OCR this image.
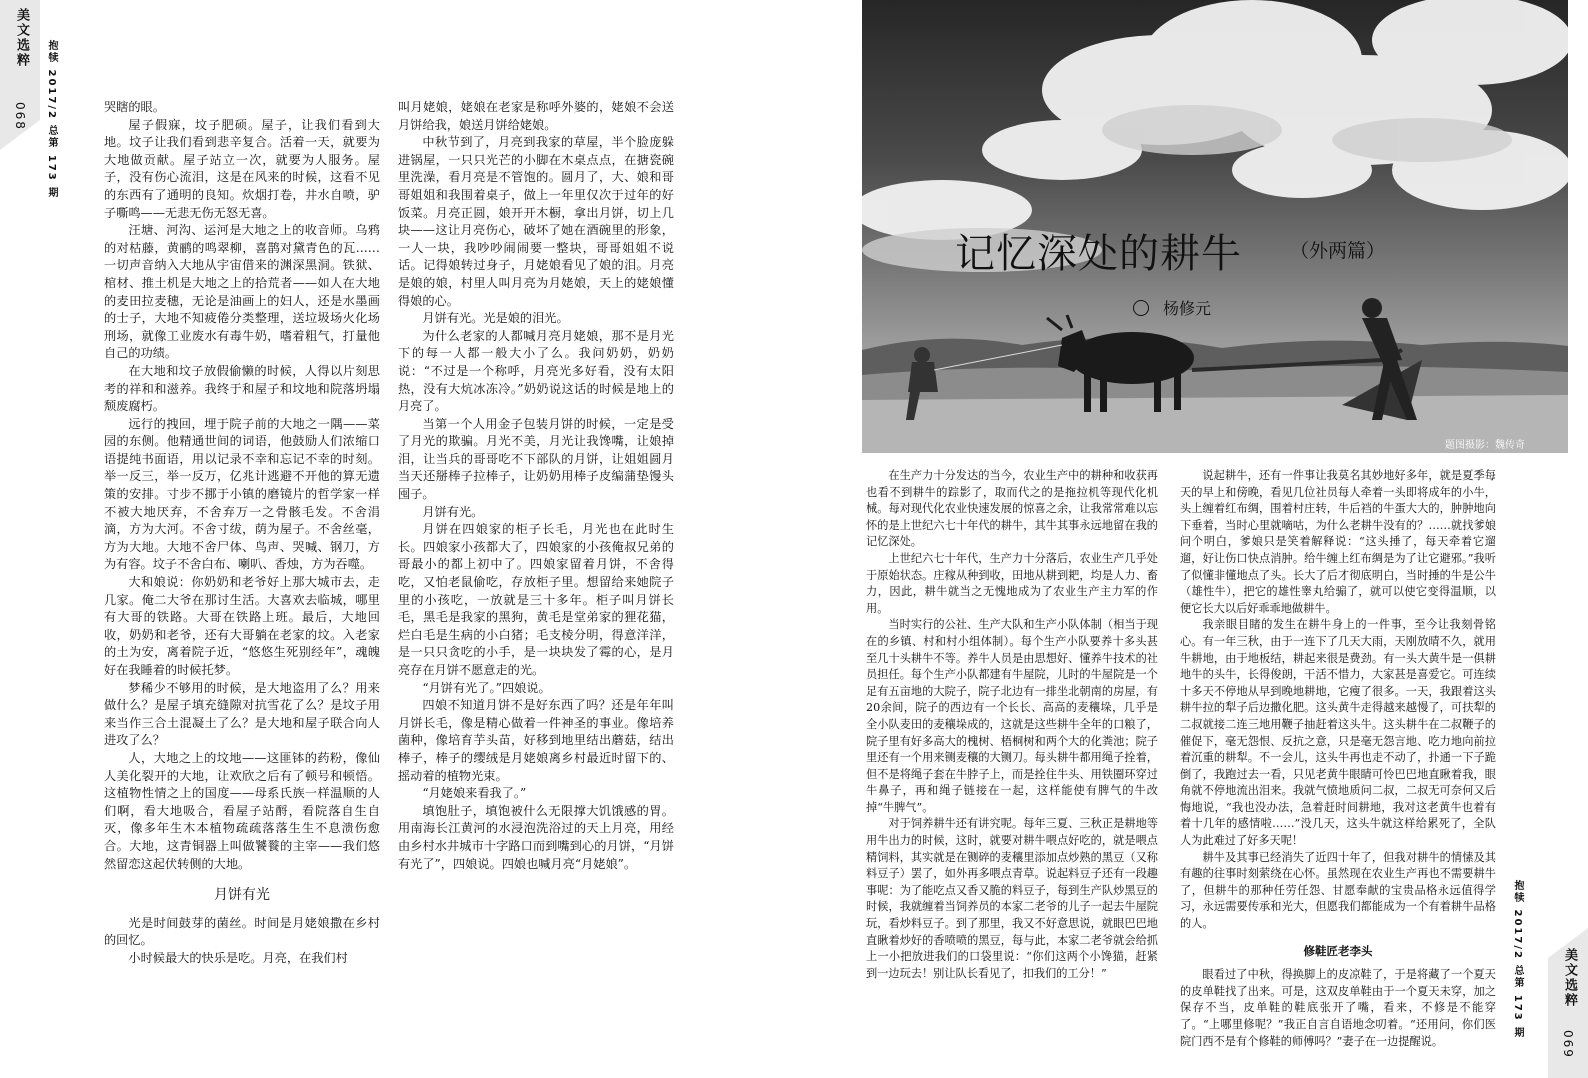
美文选粹
抱犊 2017/2 总第 173 期
068	哭瞎的眼。

屋子假寐，坟子肥硕。屋子，让我们看到大地。坟子让我们看到悲辛复合。活着一天，就要为大地做贡献。屋子站立一次，就要为人服务。屋子，没有伤心流泪，这是在风来的时候，这看不见的东西有了通明的良知。炊烟打卷，井水自喷，驴子嘶鸣——无悲无伤无怒无喜。

汪塘、河沟、运河是大地之上的收音师。乌鸦的对枯藤，黄鹂的鸣翠柳，喜鹊对黛青色的瓦……一切声音纳入大地从宇宙借来的渊深黑洞。铁狱、棺材、推土机是大地之上的拾荒者——如人在大地的麦田拉麦穗，无论是油画上的妇人，还是水墨画的士子，大地不知疲倦分类整理，送垃圾场火化场刑场，就像工业废水有毒牛奶，嗜着粗气，打量他自己的功绩。

在大地和坟子放假偷懒的时候，人得以片刻思考的祥和和滋养。我终于和屋子和坟地和院落坍塌颓废腐朽。

远行的拽回，埋于院子前的大地之一隅——菜园的东侧。他精通世间的词语，他鼓励人们浓缩口语提纯书面语，用以记录不幸和忘记不幸的时刻。举一反三，举一反万，亿兆计逃避不开他的算无遗策的安排。寸步不挪于小镇的磨镜片的哲学家一样不被大地厌弃，不舍弃万一之骨骸毛发。不舍涓滴，方为大河。不舍寸绂，荫为屋子。不舍丝毫，方为大地。大地不舍尸体、鸟声、哭喊、钢刀，方为有容。坟子不舍白布、喇叭、香烛，方为吞噬。

大和娘说：你奶奶和老爷好上那大城市去，走几家。俺二大爷在那讨生活。大喜欢去临城，哪里有大哥的铁路。大哥在铁路上班。最后，大地回收，奶奶和老爷，还有大哥躺在老家的坟。入老家的土为安，离着院子近，“悠悠生死别经年”，魂魄好在我睡着的时候托梦。

梦稀少不够用的时候，是大地盗用了么？用来做什么？是屋子填充缝隙对抗雪花了么？是坟子用来当作三合土混凝土了么？是大地和屋子联合向人进攻了么？

人，大地之上的坟地——这匪钵的药粉，像仙人美化裂开的大地，让欢欣之后有了顿号和顿悟。这植物性情之上的国度——母系氏族一样温顺的人们啊，看大地吸合，看屋子站酹，看院落自生自灭，像多年生木本植物疏疏落落生生不息溃伤愈合。大地，这青铜器上叫做饕餮的主宰——我们悠然留恋这起伏转侧的大地。

月饼有光

光是时间鼓芽的菌丝。时间是月姥娘撒在乡村的回忆。

小时候最大的快乐是吃。月亮，在我们村

叫月姥娘，姥娘在老家是称呼外婆的，姥娘不会送月饼给我，娘送月饼给姥娘。

中秋节到了，月亮到我家的草屋，半个脸庞躲进锅屋，一只只光芒的小脚在木桌点点，在搪瓷碗里洗澡，看月亮是不管饱的。圆月了，大、娘和哥哥姐姐和我围着桌子，做上一年里仅次于过年的好饭菜。月亮正圆，娘开开木橱，拿出月饼，切上几块——这让月亮伤心，破坏了她在酒碗里的形象，一人一块，我吵吵闹闹要一整块，哥哥姐姐不说话。记得娘转过身子，月姥娘看见了娘的泪。月亮是娘的娘，村里人叫月亮为月姥娘，天上的姥娘懂得娘的心。

月饼有光。光是娘的泪光。

为什么老家的人都喊月亮月姥娘，那不是月光下的每一人都一般大小了么。我问奶奶，奶奶说：“不过是一个称呼，月亮光多好看，没有太阳热，没有大炕冰冻冷。”奶奶说这话的时候是地上的月亮了。

当第一个人用金子包装月饼的时候，一定是受了月光的欺骗。月光不美，月光让我馋嘴，让娘掉泪，让当兵的哥哥吃不下部队的月饼，让姐姐圆月当天还掰棒子拉棒子，让奶奶用棒子皮编蒲垫馒头囤子。

月饼有光。

月饼在四娘家的柜子长毛，月光也在此时生长。四娘家小孩都大了，四娘家的小孩俺叔兄弟的哥最小的都上初中了。四娘家留着月饼，不舍得吃，又怕老鼠偷吃，存放柜子里。想留给来她院子里的小孩吃，一放就是三十多年。柜子叫月饼长毛，黑毛是我家的黑狗，黄毛是堂弟家的狸花猫，烂白毛是生病的小白猪；毛支棱分明，得意洋洋，是一只只贪吃的小手，是一块块发了霉的心，是月亮存在月饼不愿意走的光。

“月饼有光了。”四娘说。

四娘不知道月饼不是好东西了吗？还是年年叫月饼长毛，像是精心做着一件神圣的事业。像培养菌种，像培育芋头苗，好移到地里结出蘑菇，结出棒子，棒子的缨绒是月姥娘离乡村最近时留下的、摇动着的植物光束。

“月姥娘来看我了。”

填饱肚子，填饱被什么无限撑大饥饿感的胃。用南海长江黄河的水浸泡洗浴过的天上月亮，用经由乡村水井城市十字路口而到嘴到心的月饼，“月饼有光了”，四娘说。四娘也喊月亮“月姥娘”。

题图摄影：魏传奇
记忆深处的耕牛	（外两篇）
杨修元

在生产力十分发达的当今，农业生产中的耕种和收获再也看不到耕牛的踪影了，取而代之的是拖拉机等现代化机械。每对现代化农业快速发展的惊喜之余，让我常常难以忘怀的是上世纪六七十年代的耕牛，其牛其事永远地留在我的记忆深处。

上世纪六七十年代，生产力十分落后，农业生产几乎处于原始状态。庄稼从种到收，田地从耕到耙，均是人力、畜力，因此，耕牛就当之无愧地成为了农业生产主力军的作用。

当时实行的公社、生产大队和生产小队体制（相当于现在的乡镇、村和村小组体制）。每个生产小队要养十多头甚至几十头耕牛不等。养牛人员是由思想好、懂养牛技术的社员担任。每个生产小队都建有牛屋院，儿时的牛屋院是一个足有五亩地的大院子，院子北边有一排坐北朝南的房屋，有20余间，院子的西边有一个长长、高高的麦穰垛，几乎是全小队麦田的麦穰垛成的，这就是这些耕牛全年的口粮了，院子里有好多高大的槐树、梧桐树和两个大的化粪池；院子里还有一个用来铡麦穰的大铡刀。每头耕牛都用绳子拴着，但不是将绳子套在牛脖子上，而是拴住牛头、用铁圈环穿过牛鼻子，再和绳子链接在一起，这样能使有脾气的牛改掉“牛脾气”。

对于饲养耕牛还有讲究呢。每年三夏、三秋正是耕地等用牛出力的时候，这时，就要对耕牛喂点好吃的，就是喂点精饲料，其实就是在铡碎的麦穰里添加点炒熟的黑豆（又称料豆子）罢了，如外再多喂点青草。说起料豆子还有一段趣事呢：为了能吃点又香又脆的料豆子，每到生产队炒黑豆的时候，我就缠着当饲养员的本家二老爷的儿子一起去牛屋院玩，看炒料豆子。到了那里，我又不好意思说，就眼巴巴地直瞅着炒好的香喷喷的黑豆，每与此，本家二老爷就会给抓上一小把放进我们的口袋里说：“你们这两个小馋猫，赶紧到一边玩去！别让队长看见了，扣我们的工分！”

说起耕牛，还有一件事让我莫名其妙地好多年，就是夏季每天的早上和傍晚，看见几位社员每人牵着一头即将成年的小牛，头上缠着红布绸，围着村庄转，牛后裆的牛蛋大大的，肿肿地向下垂着，当时心里就嘀咕，为什么老耕牛没有的？……就找爹娘问个明白，爹娘只是笑着解释说：“这头捶了，每天牵着它遛遛，好让伤口快点消肿。给牛缠上红布绸是为了让它避邪。”我听了似懂非懂地点了头。长大了后才彻底明白，当时捶的牛是公牛（雄性牛），把它的雄性睾丸给骟了，就可以使它变得温顺，以便它长大以后好乖乖地做耕牛。

我亲眼目睹的发生在耕牛身上的一件事，至今让我刻骨铭心。有一年三秋，由于一连下了几天大雨，天刚放晴不久，就用牛耕地，由于地板结，耕起来很是费劲。有一头大黄牛是一俱耕地牛的头牛，长得俊朗，干活不惜力，大家甚是喜爱它。可连续十多天不停地从早到晚地耕地，它瘦了很多。一天，我跟着这头耕牛拉的犁子后边撒化肥。这头黄牛走得越来越慢了，可扶犁的二叔就接二连三地用鞭子抽赶着这头牛。这头耕牛在二叔鞭子的催促下，毫无怨恨、反抗之意，只是毫无怨言地、吃力地向前拉着沉重的耕犁。不一会儿，这头牛再也走不动了，扑通一下子跪倒了，我跑过去一看，只见老黄牛眼睛可怜巴巴地直瞅着我，眼角就不停地流出泪来。我就气愤地质问二叔，二叔无可奈何又后悔地说，“我也没办法，急着赶时间耕地，我对这老黄牛也着有着十几年的感情啦……”没几天，这头牛就这样给累死了，全队人为此难过了好多天呢！

耕牛及其事已经消失了近四十年了，但我对耕牛的情愫及其有趣的往事时刻萦绕在心怀。虽然现在农业生产再也不需要耕牛了，但耕牛的那种任劳任怨、甘愿奉献的宝贵品格永远值得学习，永远需要传承和光大，但愿我们都能成为一个有着耕牛品格的人。

修鞋匠老李头

眼看过了中秋，得换脚上的皮凉鞋了，于是将藏了一个夏天的皮单鞋找了出来。可是，这双皮单鞋由于一个夏天未穿，加之保存不当，皮单鞋的鞋底张开了嘴，看来，不修是不能穿了。“上哪里修呢？”我正自言自语地念叨着。“还用问，你们医院门西不是有个修鞋的师傅吗？”妻子在一边提醒说。

抱犊 2017/2 总第 173 期	美文选粹
069
